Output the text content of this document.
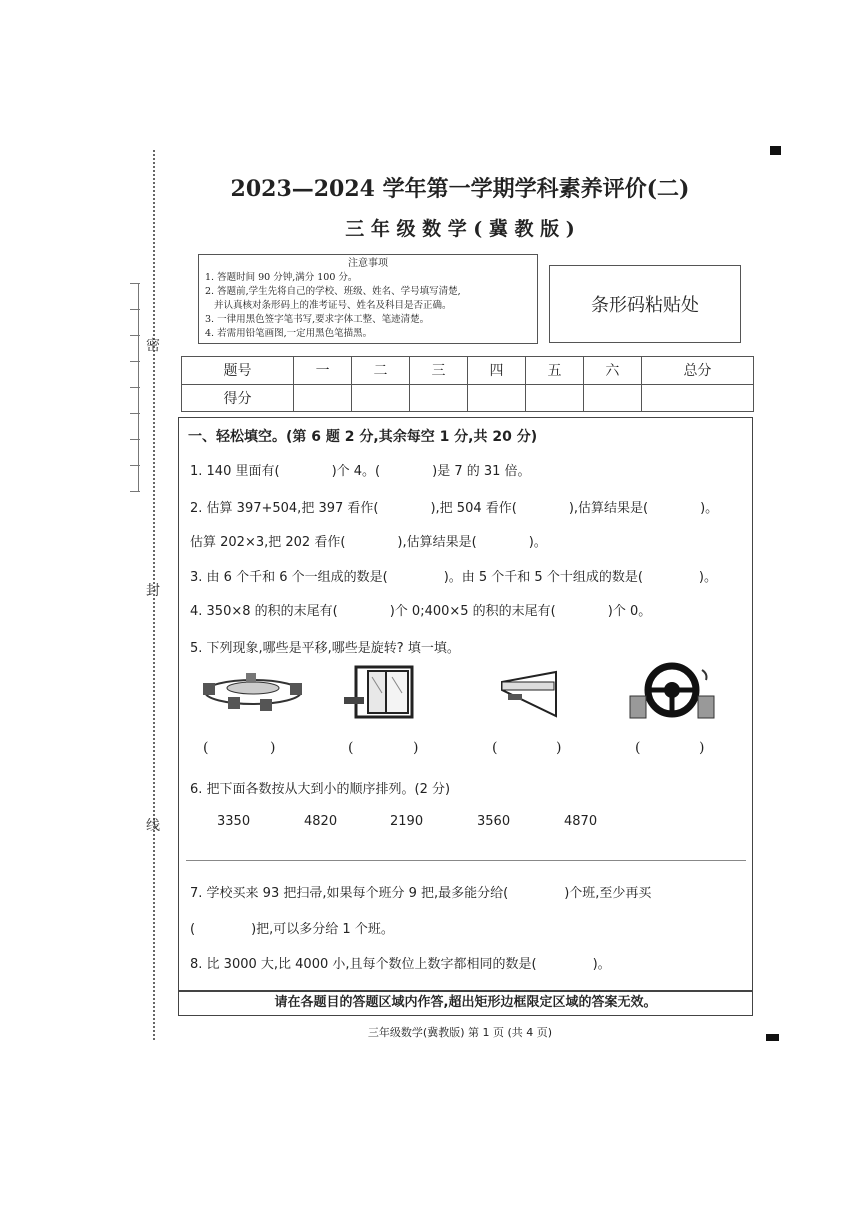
密
封
线
2023—2024 学年第一学期学科素养评价(二)
三 年 级 数 学 ( 冀 教 版 )
注意事项
1. 答题时间 90 分钟,满分 100 分。
2. 答题前,学生先将自己的学校、班级、姓名、学号填写清楚,
并认真核对条形码上的准考证号、姓名及科目是否正确。
3. 一律用黑色签字笔书写,要求字体工整、笔迹清楚。
4. 若需用铅笔画图,一定用黑色笔描黑。
条形码粘贴处
题号	一	二	三	四	五	六	总分
得分							
一、轻松填空。(第 6 题 2 分,其余每空 1 分,共 20 分)
1. 140 里面有(	)个 4。(	)是 7 的 31 倍。
2. 估算 397+504,把 397 看作(	),把 504 看作(	),估算结果是(	)。
估算 202×3,把 202 看作(	),估算结果是(	)。
3. 由 6 个千和 6 个一组成的数是(	)。由 5 个千和 5 个十组成的数是(	)。
4. 350×8 的积的末尾有(	)个 0;400×5 的积的末尾有(	)个 0。
5. 下列现象,哪些是平移,哪些是旋转? 填一填。
(	)	(	)	(	)	(	)
6. 把下面各数按从大到小的顺序排列。(2 分)
3350	4820	2190	3560	4870
7. 学校买来 93 把扫帚,如果每个班分 9 把,最多能分给(	)个班,至少再买
(	)把,可以多分给 1 个班。
8. 比 3000 大,比 4000 小,且每个数位上数字都相同的数是(	)。
请在各题目的答题区域内作答,超出矩形边框限定区域的答案无效。
三年级数学(冀教版) 第 1 页 (共 4 页)
